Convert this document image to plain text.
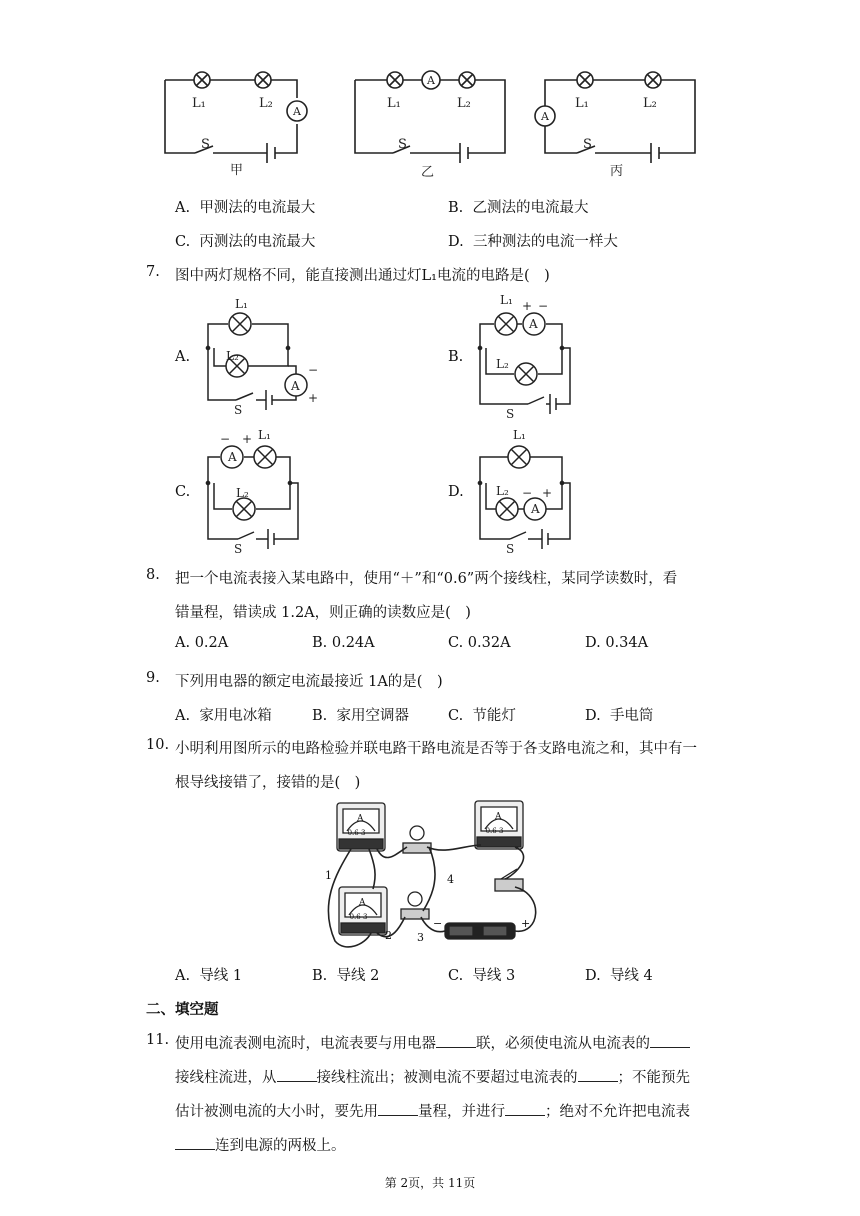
L₁	L₂
A
S
甲
L₁	L₂
A
S
乙
L₁	L₂
A
S
丙
A. 甲测法的电流最大	B. 乙测法的电流最大
C. 丙测法的电流最大	D. 三种测法的电流一样大
7. 图中两灯规格不同，能直接测出通过灯L₁电流的电路是(　)
A.	B.
C.	D.
L₁
L₂
A
−
+
S
L₁ + −
A
L₂
S
− +
A
L₁
L₂
S
L₁
L₂ − +
A
S
8. 把一个电流表接入某电路中，使用“＋”和“0.6”两个接线柱，某同学读数时，看
错量程，错读成 1.2A，则正确的读数应是(　)
A. 0.2A	B. 0.24A	C. 0.32A	D. 0.34A
9. 下列用电器的额定电流最接近 1A的是(　)
A. 家用电冰箱	B. 家用空调器	C. 节能灯	D. 手电筒
10. 小明利用图所示的电路检验并联电路干路电流是否等于各支路电流之和，其中有一
根导线接错了，接错的是(　)
1
2 3
4
−	+
A	A
A
- 0.6 3	- 0.6 3
- 0.6 3
A. 导线 1	B. 导线 2	C. 导线 3	D. 导线 4
二、填空题
11. 使用电流表测电流时，电流表要与用电器	联，必须使电流从电流表的
接线柱流进，从	接线柱流出；被测电流不要超过电流表的	；不能预先
估计被测电流的大小时，要先用	量程，并进行	；绝对不允许把电流表
连到电源的两极上。
第 2页，共 11页
